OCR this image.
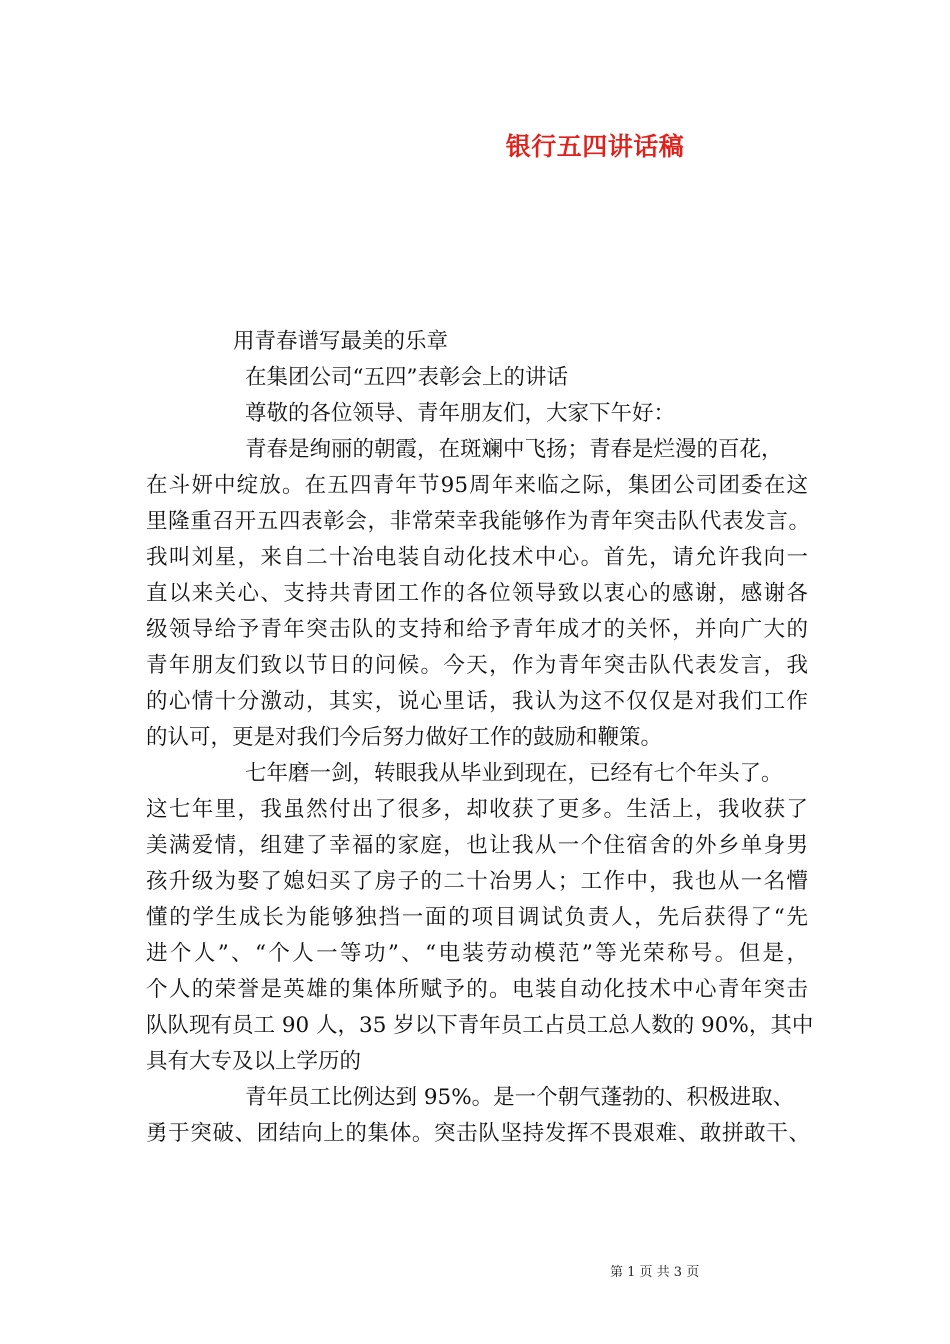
银行五四讲话稿
用青春谱写最美的乐章
在集团公司“五四”表彰会上的讲话
尊敬的各位领导、青年朋友们，大家下午好：
青春是绚丽的朝霞，在斑斓中飞扬；青春是烂漫的百花，
在斗妍中绽放。在五四青年节95周年来临之际，集团公司团委在这
里隆重召开五四表彰会，非常荣幸我能够作为青年突击队代表发言。
我叫刘星，来自二十冶电装自动化技术中心。首先，请允许我向一
直以来关心、支持共青团工作的各位领导致以衷心的感谢，感谢各
级领导给予青年突击队的支持和给予青年成才的关怀，并向广大的
青年朋友们致以节日的问候。今天，作为青年突击队代表发言，我
的心情十分激动，其实，说心里话，我认为这不仅仅是对我们工作
的认可，更是对我们今后努力做好工作的鼓励和鞭策。
七年磨一剑，转眼我从毕业到现在，已经有七个年头了。
这七年里，我虽然付出了很多，却收获了更多。生活上，我收获了
美满爱情，组建了幸福的家庭，也让我从一个住宿舍的外乡单身男
孩升级为娶了媳妇买了房子的二十冶男人；工作中，我也从一名懵
懂的学生成长为能够独挡一面的项目调试负责人，先后获得了“先
进个人”、“个人一等功”、“电装劳动模范”等光荣称号。但是，
个人的荣誉是英雄的集体所赋予的。电装自动化技术中心青年突击
队队现有员工 90 人，35 岁以下青年员工占员工总人数的 90%，其中
具有大专及以上学历的
青年员工比例达到 95%。是一个朝气蓬勃的、积极进取、
勇于突破、团结向上的集体。突击队坚持发挥不畏艰难、敢拼敢干、
第 1 页 共 3 页
